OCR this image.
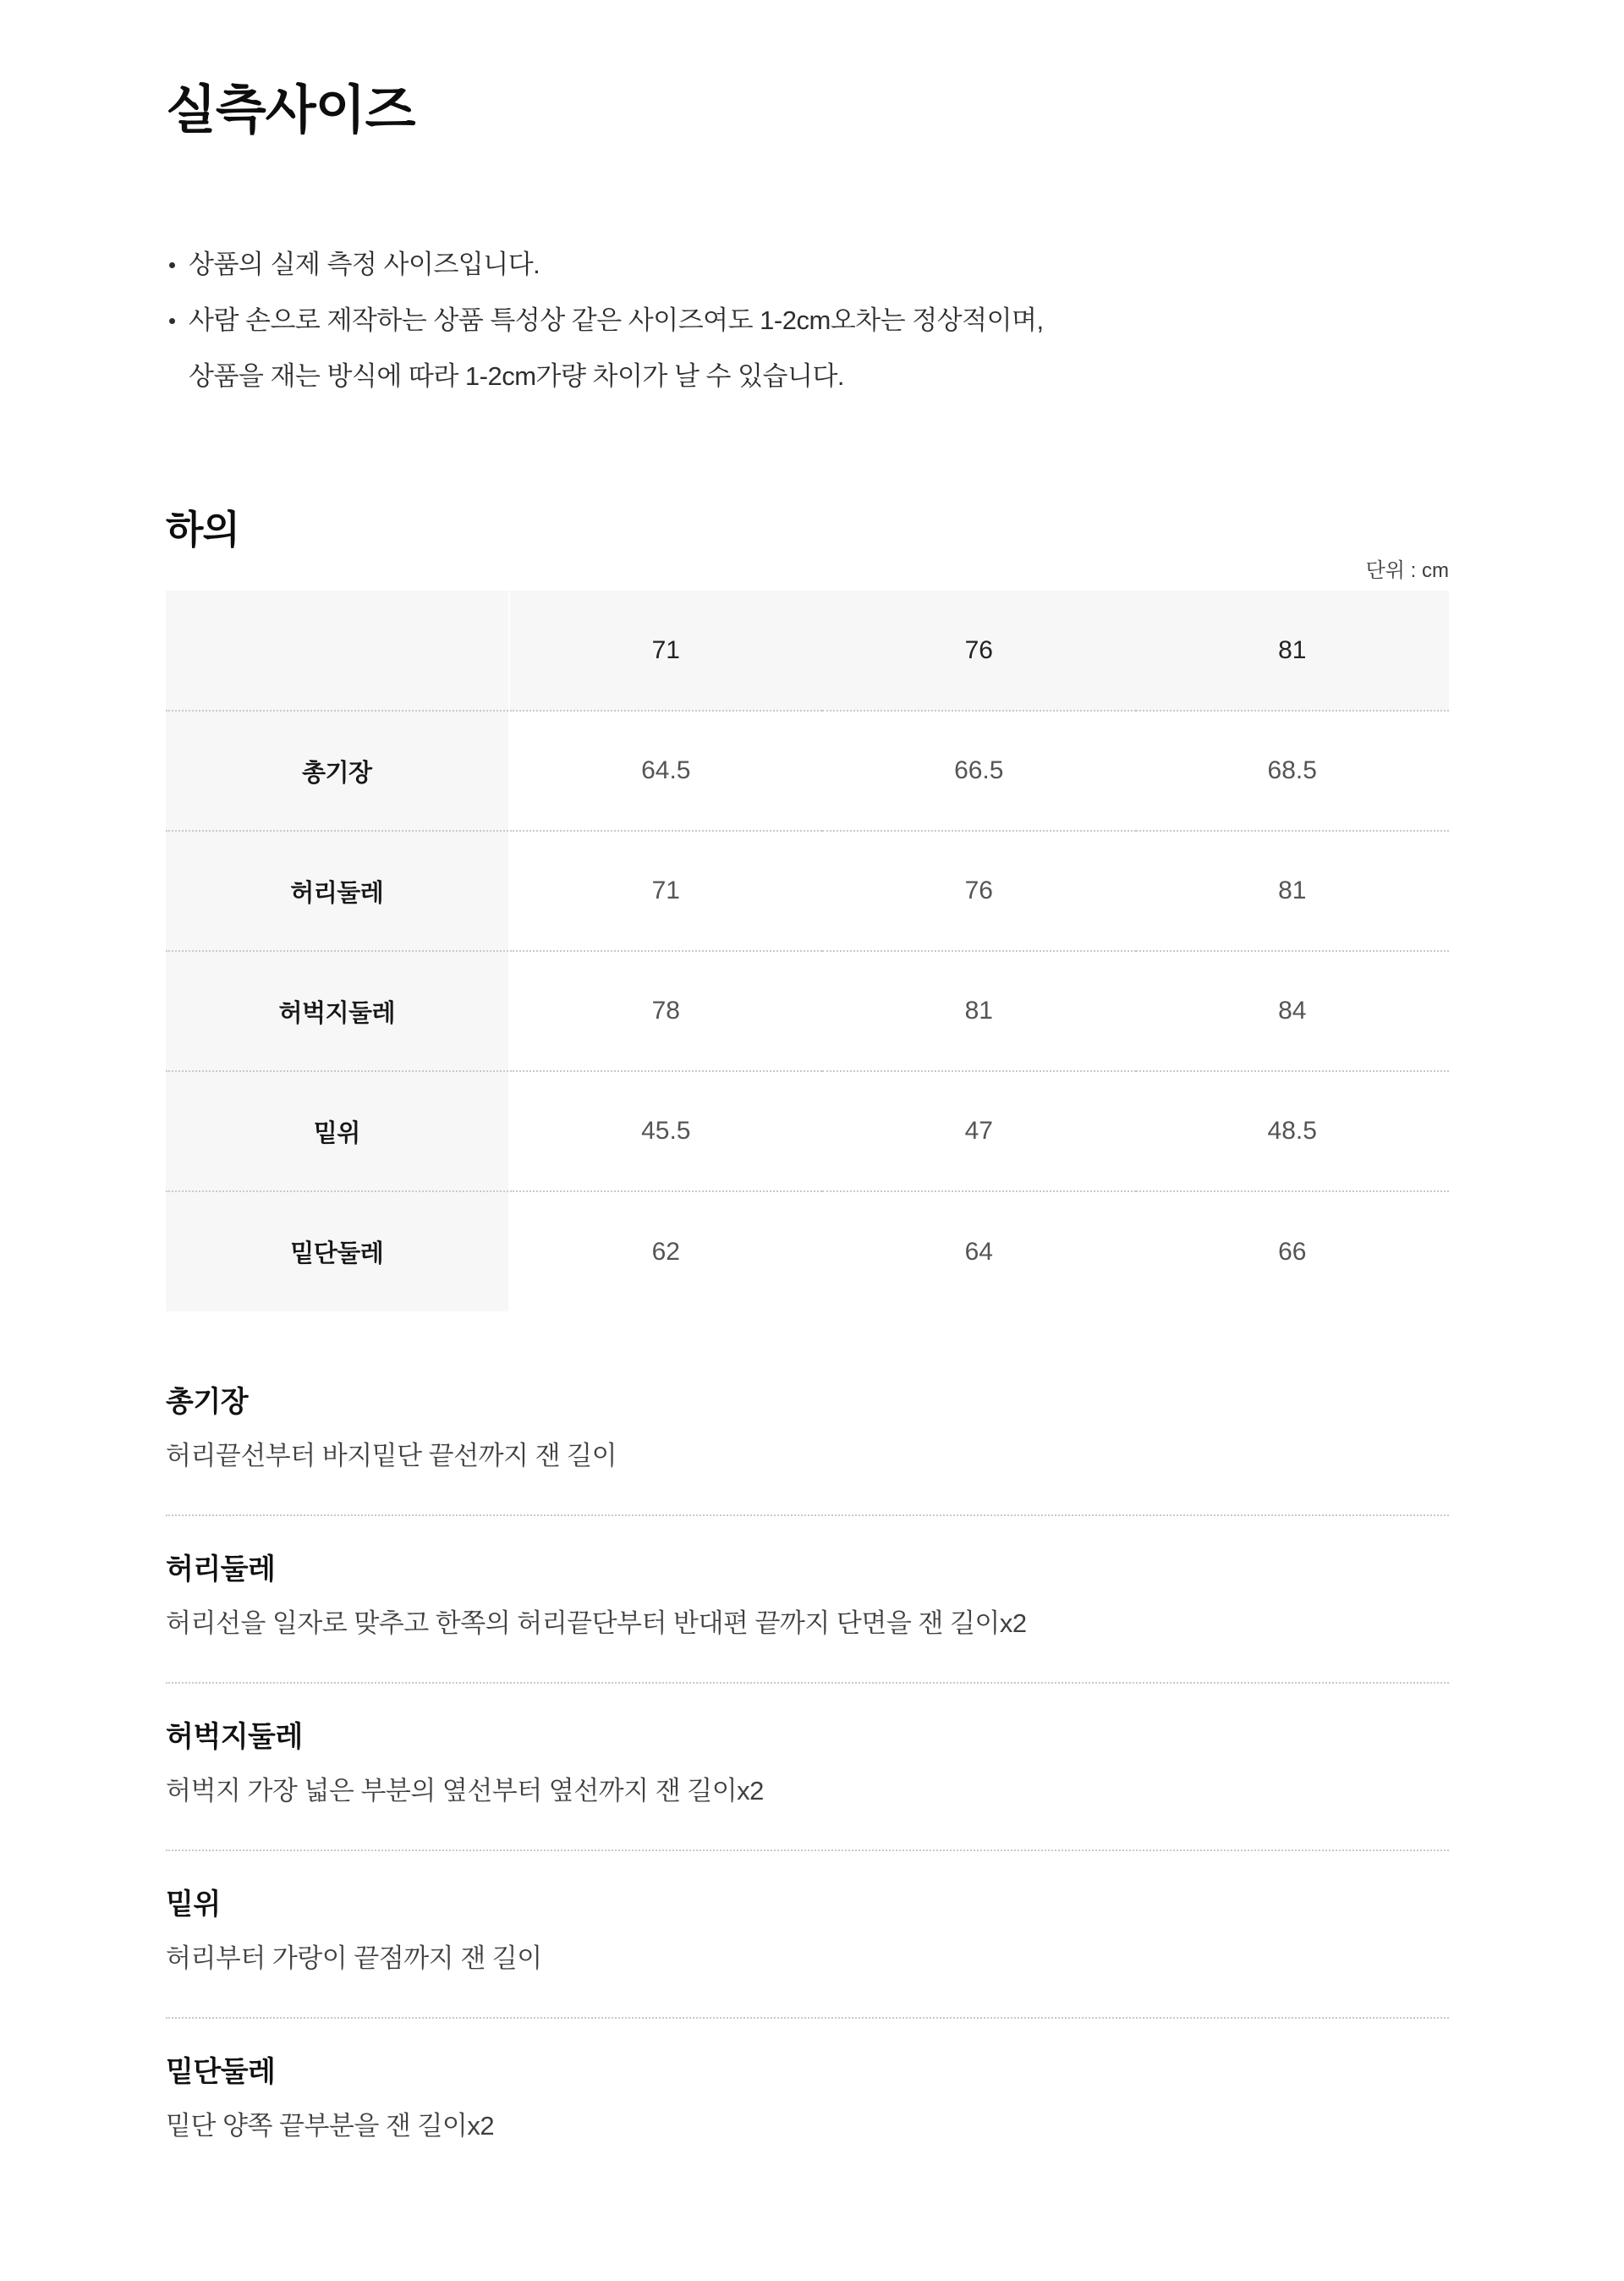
실측사이즈
상품의 실제 측정 사이즈입니다.
사람 손으로 제작하는 상품 특성상 같은 사이즈여도 1-2cm오차는 정상적이며,
상품을 재는 방식에 따라 1-2cm가량 차이가 날 수 있습니다.
하의
단위 : cm
	71	76	81
총기장	64.5	66.5	68.5
허리둘레	71	76	81
허벅지둘레	78	81	84
밑위	45.5	47	48.5
밑단둘레	62	64	66
총기장
허리끝선부터 바지밑단 끝선까지 잰 길이
허리둘레
허리선을 일자로 맞추고 한쪽의 허리끝단부터 반대편 끝까지 단면을 잰 길이x2
허벅지둘레
허벅지 가장 넓은 부분의 옆선부터 옆선까지 잰 길이x2
밑위
허리부터 가랑이 끝점까지 잰 길이
밑단둘레
밑단 양쪽 끝부분을 잰 길이x2
